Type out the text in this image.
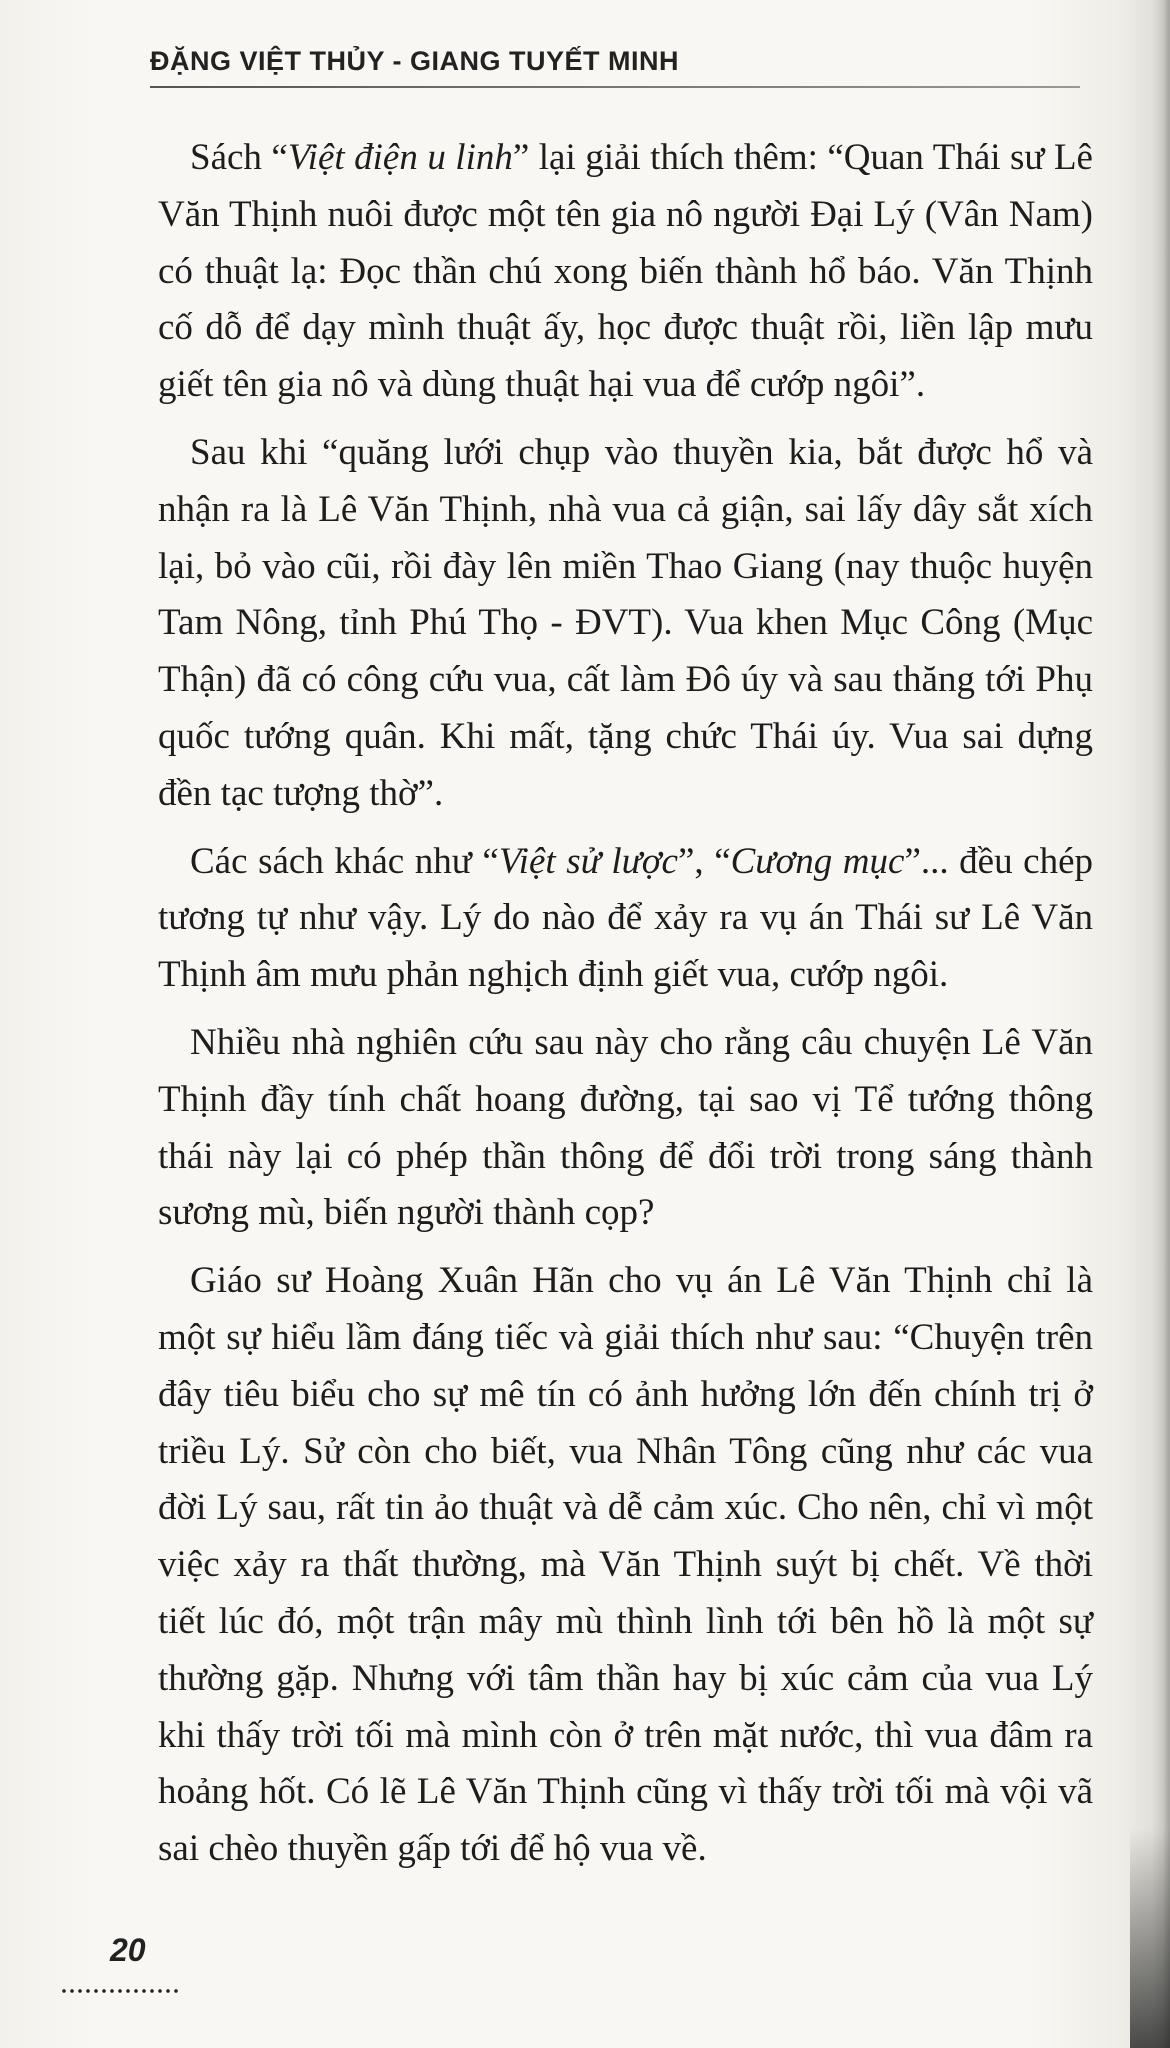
ĐẶNG VIỆT THỦY - GIANG TUYẾT MINH

Sách “Việt điện u linh” lại giải thích thêm: “Quan Thái sư Lê Văn Thịnh nuôi được một tên gia nô người Đại Lý (Vân Nam) có thuật lạ: Đọc thần chú xong biến thành hổ báo. Văn Thịnh cố dỗ để dạy mình thuật ấy, học được thuật rồi, liền lập mưu giết tên gia nô và dùng thuật hại vua để cướp ngôi”.

Sau khi “quăng lưới chụp vào thuyền kia, bắt được hổ và nhận ra là Lê Văn Thịnh, nhà vua cả giận, sai lấy dây sắt xích lại, bỏ vào cũi, rồi đày lên miền Thao Giang (nay thuộc huyện Tam Nông, tỉnh Phú Thọ - ĐVT). Vua khen Mục Công (Mục Thận) đã có công cứu vua, cất làm Đô úy và sau thăng tới Phụ quốc tướng quân. Khi mất, tặng chức Thái úy. Vua sai dựng đền tạc tượng thờ”.

Các sách khác như “Việt sử lược”, “Cương mục”... đều chép tương tự như vậy. Lý do nào để xảy ra vụ án Thái sư Lê Văn Thịnh âm mưu phản nghịch định giết vua, cướp ngôi.

Nhiều nhà nghiên cứu sau này cho rằng câu chuyện Lê Văn Thịnh đầy tính chất hoang đường, tại sao vị Tể tướng thông thái này lại có phép thần thông để đổi trời trong sáng thành sương mù, biến người thành cọp?

Giáo sư Hoàng Xuân Hãn cho vụ án Lê Văn Thịnh chỉ là một sự hiểu lầm đáng tiếc và giải thích như sau: “Chuyện trên đây tiêu biểu cho sự mê tín có ảnh hưởng lớn đến chính trị ở triều Lý. Sử còn cho biết, vua Nhân Tông cũng như các vua đời Lý sau, rất tin ảo thuật và dễ cảm xúc. Cho nên, chỉ vì một việc xảy ra thất thường, mà Văn Thịnh suýt bị chết. Về thời tiết lúc đó, một trận mây mù thình lình tới bên hồ là một sự thường gặp. Nhưng với tâm thần hay bị xúc cảm của vua Lý khi thấy trời tối mà mình còn ở trên mặt nước, thì vua đâm ra hoảng hốt. Có lẽ Lê Văn Thịnh cũng vì thấy trời tối mà vội vã sai chèo thuyền gấp tới để hộ vua về.

20
